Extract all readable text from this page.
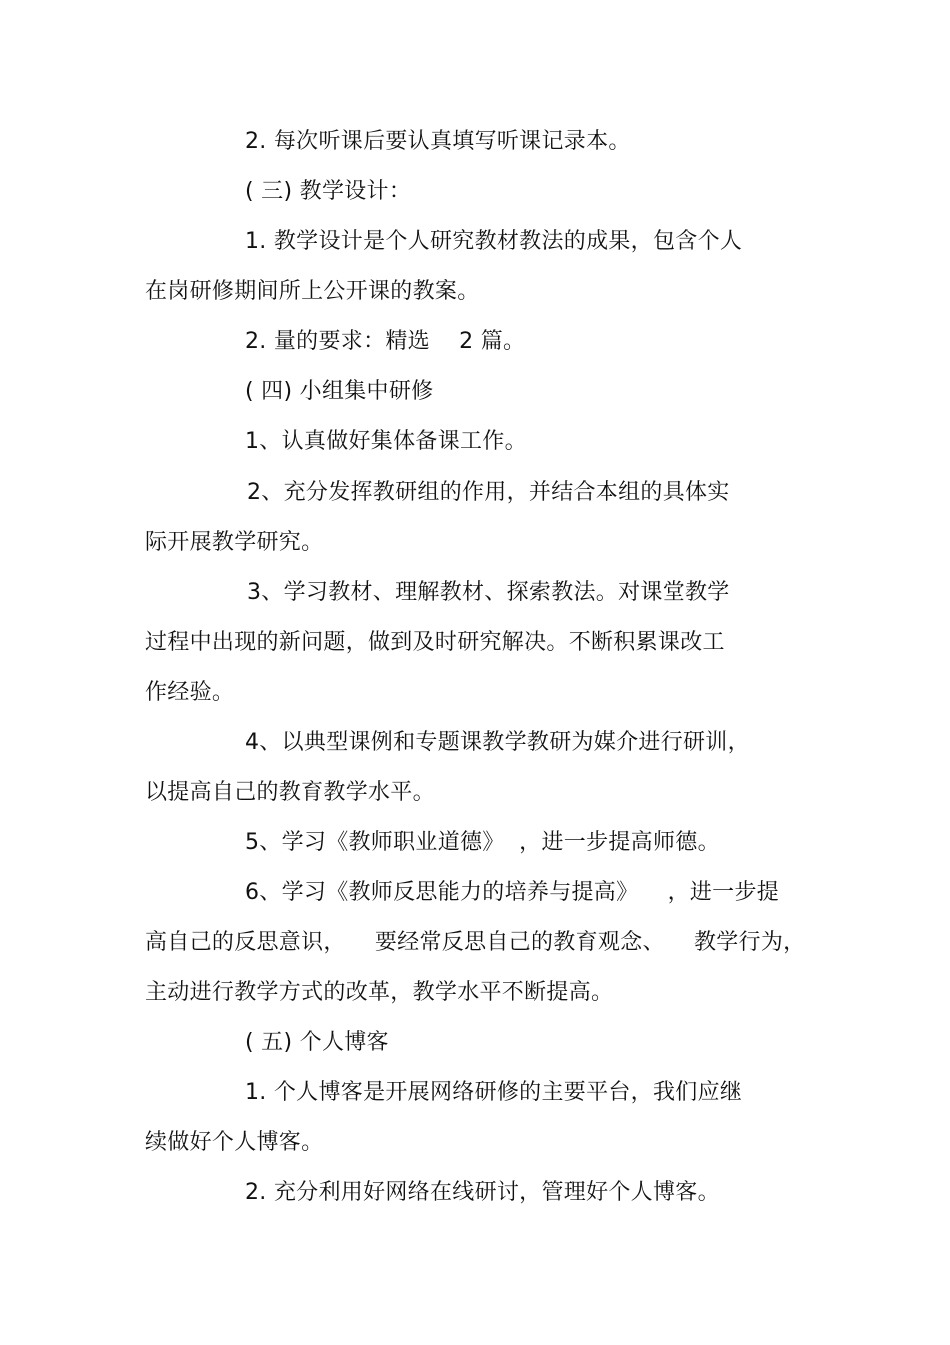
2. 每次听课后要认真填写听课记录本。
( 三) 教学设计：
1. 教学设计是个人研究教材教法的成果，包含个人
在岗研修期间所上公开课的教案。
2. 量的要求：精选    2 篇。
( 四) 小组集中研修
1、认真做好集体备课工作。
2、充分发挥教研组的作用，并结合本组的具体实
际开展教学研究。
3、学习教材、理解教材、探索教法。对课堂教学
过程中出现的新问题，做到及时研究解决。不断积累课改工
作经验。
4、以典型课例和专题课教学教研为媒介进行研训，
以提高自己的教育教学水平。
5、学习《教师职业道德》  ，进一步提高师德。
6、学习《教师反思能力的培养与提高》    ，进一步提
高自己的反思意识，    要经常反思自己的教育观念、    教学行为，
主动进行教学方式的改革，教学水平不断提高。
( 五) 个人博客
1. 个人博客是开展网络研修的主要平台，我们应继
续做好个人博客。
2. 充分利用好网络在线研讨，管理好个人博客。
